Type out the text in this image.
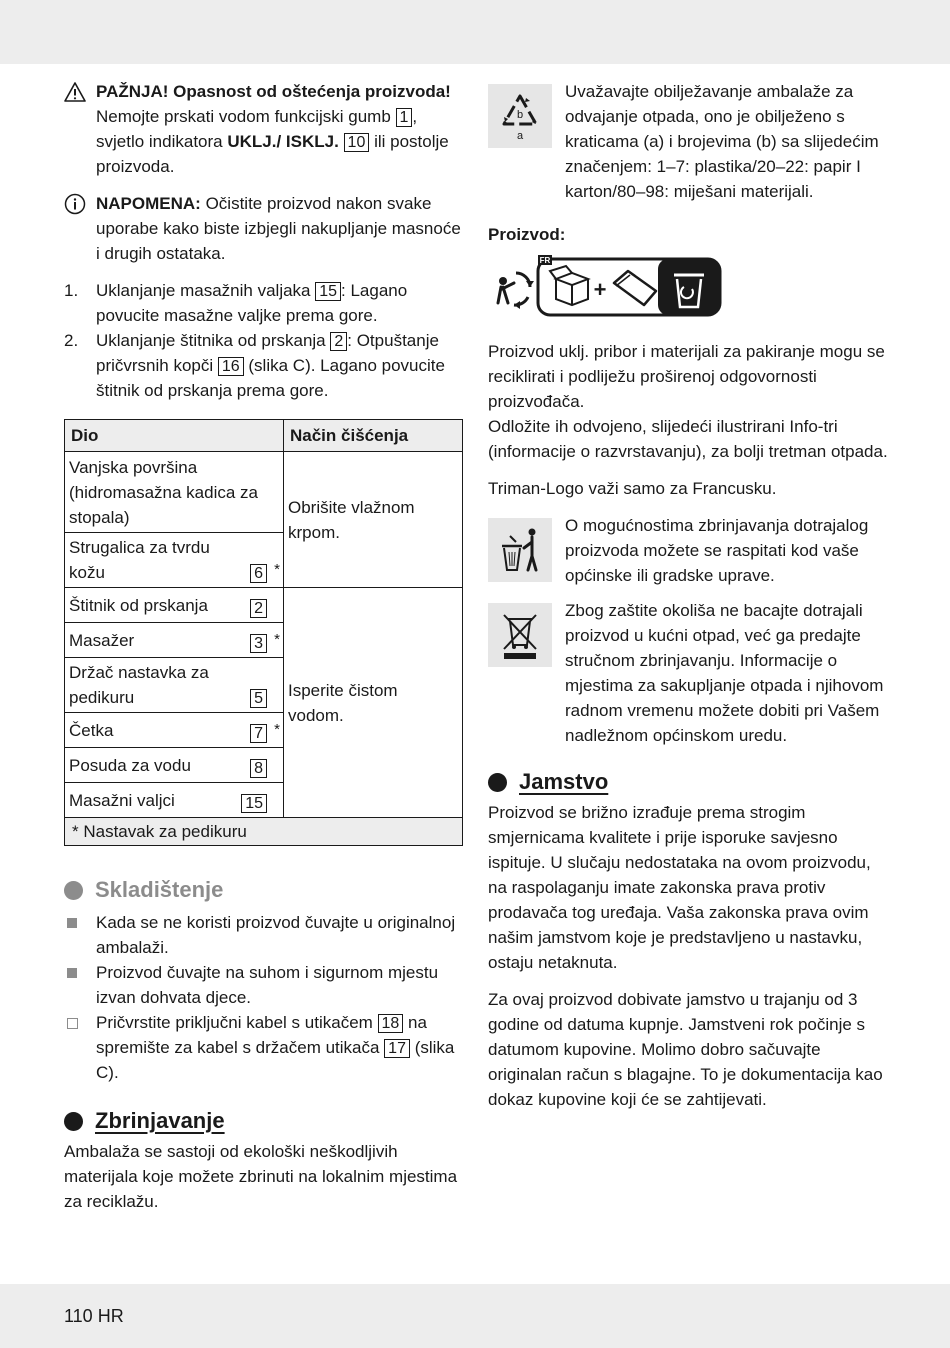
PAŽNJA! Opasnost od oštećenja proizvoda! Nemojte prskati vodom funkcijski gumb 1 , svjetlo indikatora UKLJ./ ISKLJ. 10 ili postolje proizvoda.

NAPOMENA: Očistite proizvod nakon svake uporabe kako biste izbjegli nakupljanje masnoće i drugih ostataka.

1. Uklanjanje masažnih valjaka 15 : Lagano povucite masažne valjke prema gore.
2. Uklanjanje štitnika od prskanja 2 : Otpuštanje pričvrsnih kopči 16 (slika C). Lagano povucite štitnik od prskanja prema gore.
Dio	Način čišćenja
Vanjska površina (hidromasažna kadica za stopala)	Obrišite vlažnom krpom.
Strugalica za tvrdu kožu 6 *	

Štitnik od prskanja 2	Isperite čistom vodom.
Masažer 3 *	

Držač nastavka za pedikuru 5	

Četka 7 *	

Posuda za vodu 8	

Masažni valjci 15	

* Nastavak za pedikuru	
Skladištenje
Kada se ne koristi proizvod čuvajte u originalnoj ambalaži.
Proizvod čuvajte na suhom i sigurnom mjestu izvan dohvata djece.
Pričvrstite priključni kabel s utikačem 18 na spremište za kabel s držačem utikača 17 (slika C).
Zbrinjavanje

Ambalaža se sastoji od ekološki neškodljivih materijala koje možete zbrinuti na lokalnim mjestima za reciklažu.

b
a

Uvažavajte obilježavanje ambalaže za odvajanje otpada, ono je obilježeno s kraticama (a) i brojevima (b) sa slijedećim značenjem: 1–7: plastika/20–22: papir I karton/80–98: miješani materijali.

Proizvod:

FR
+

Proizvod uklj. pribor i materijali za pakiranje mogu se reciklirati i podliježu proširenoj odgovornosti proizvođača.

Odložite ih odvojeno, slijedeći ilustrirani Info-tri (informacije o razvrstavanju), za bolji tretman otpada.

Triman-Logo važi samo za Francusku.

O mogućnostima zbrinjavanja dotrajalog proizvoda možete se raspitati kod vaše općinske ili gradske uprave.

Zbog zaštite okoliša ne bacajte dotrajali proizvod u kućni otpad, već ga predajte stručnom zbrinjavanju. Informacije o mjestima za sakupljanje otpada i njihovom radnom vremenu možete dobiti pri Vašem nadležnom općinskom uredu.

Jamstvo

Proizvod se brižno izrađuje prema strogim smjernicama kvalitete i prije isporuke savjesno ispituje. U slučaju nedostataka na ovom proizvodu, na raspolaganju imate zakonska prava protiv prodavača tog uređaja. Vaša zakonska prava ovim našim jamstvom koje je predstavljeno u nastavku, ostaju netaknuta.

Za ovaj proizvod dobivate jamstvo u trajanju od 3 godine od datuma kupnje. Jamstveni rok počinje s datumom kupovine. Molimo dobro sačuvajte originalan račun s blagajne. To je dokumentacija kao dokaz kupovine koji će se zahtijevati.

110 HR
